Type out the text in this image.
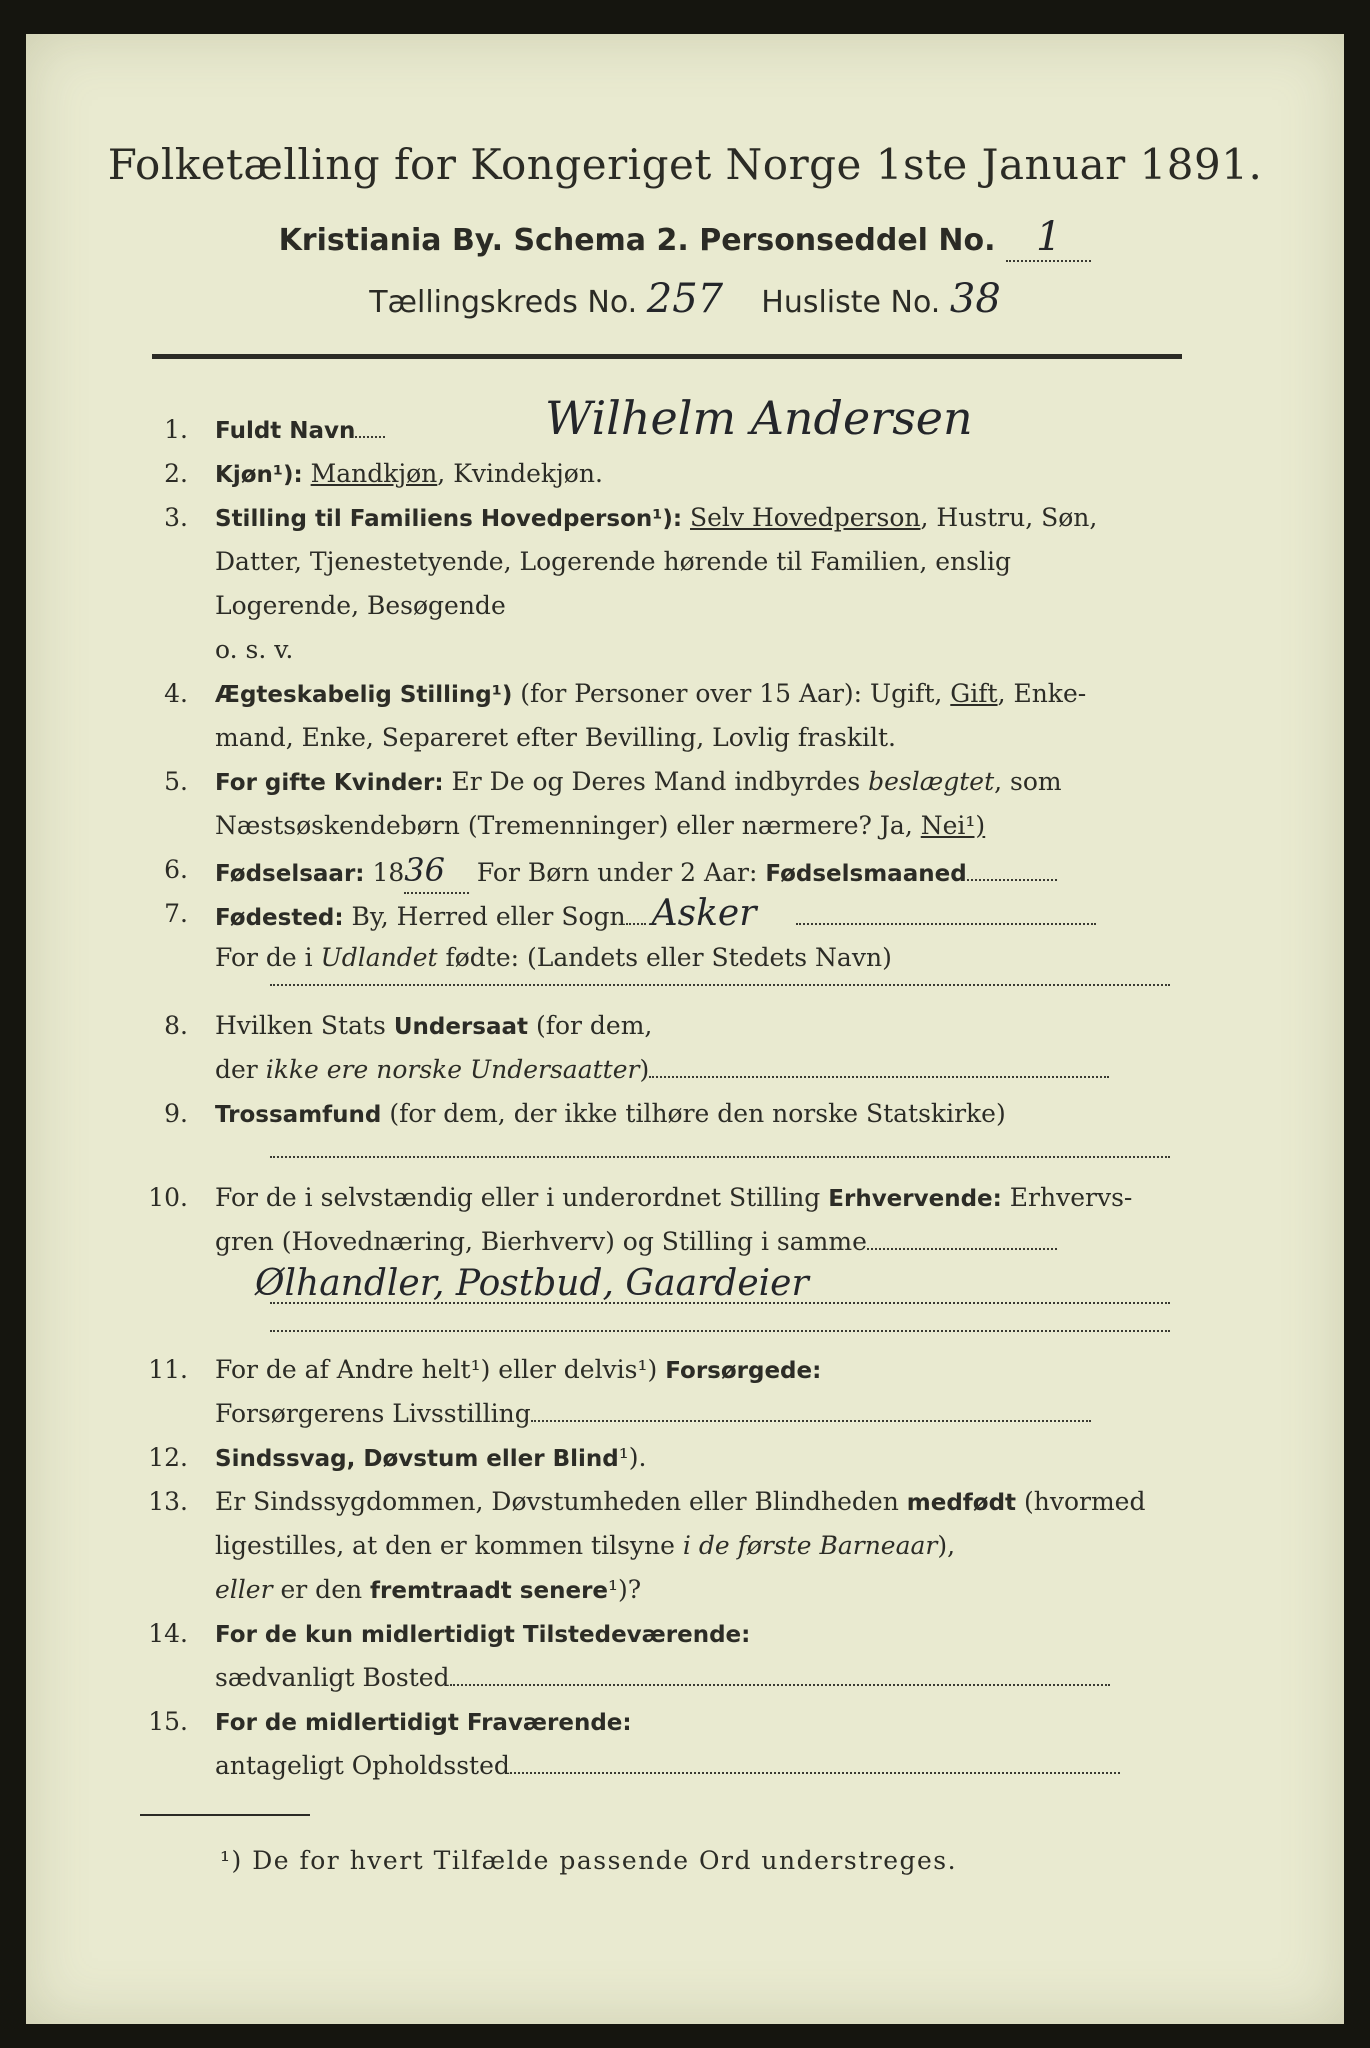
Folketælling for Kongeriget Norge 1ste Januar 1891.
Kristiania By. Schema 2. Personseddel No. 1
Tællingskreds No. 257 Husliste No. 38
1. Fuldt Navn	Wilhelm Andersen
2. Kjøn¹): Mandkjøn, Kvindekjøn.
3. Stilling til Familiens Hovedperson¹): Selv Hovedperson, Hustru, Søn,
Datter, Tjenestetyende, Logerende hørende til Familien, enslig
Logerende, Besøgende
o. s. v.
4. Ægteskabelig Stilling¹) (for Personer over 15 Aar): Ugift, Gift, Enke-
mand, Enke, Separeret efter Bevilling, Lovlig fraskilt.
5. For gifte Kvinder: Er De og Deres Mand indbyrdes beslægtet, som
Næstsøskendebørn (Tremenninger) eller nærmere? Ja, Nei¹)
6. Fødselsaar: 1836 For Børn under 2 Aar: Fødselsmaaned
7. Fødested: By, Herred eller Sogn Asker
For de i Udlandet fødte: (Landets eller Stedets Navn)
8. Hvilken Stats Undersaat (for dem,
der ikke ere norske Undersaatter)
9. Trossamfund (for dem, der ikke tilhøre den norske Statskirke)
10. For de i selvstændig eller i underordnet Stilling Erhvervende: Erhvervs-
gren (Hovednæring, Bierhverv) og Stilling i samme
Ølhandler, Postbud, Gaardeier
11. For de af Andre helt¹) eller delvis¹) Forsørgede:
Forsørgerens Livsstilling
12. Sindssvag, Døvstum eller Blind¹).
13. Er Sindssygdommen, Døvstumheden eller Blindheden medfødt (hvormed
ligestilles, at den er kommen tilsyne i de første Barneaar),
eller er den fremtraadt senere¹)?
14. For de kun midlertidigt Tilstedeværende:
sædvanligt Bosted
15. For de midlertidigt Fraværende:
antageligt Opholdssted
¹) De for hvert Tilfælde passende Ord understreges.
